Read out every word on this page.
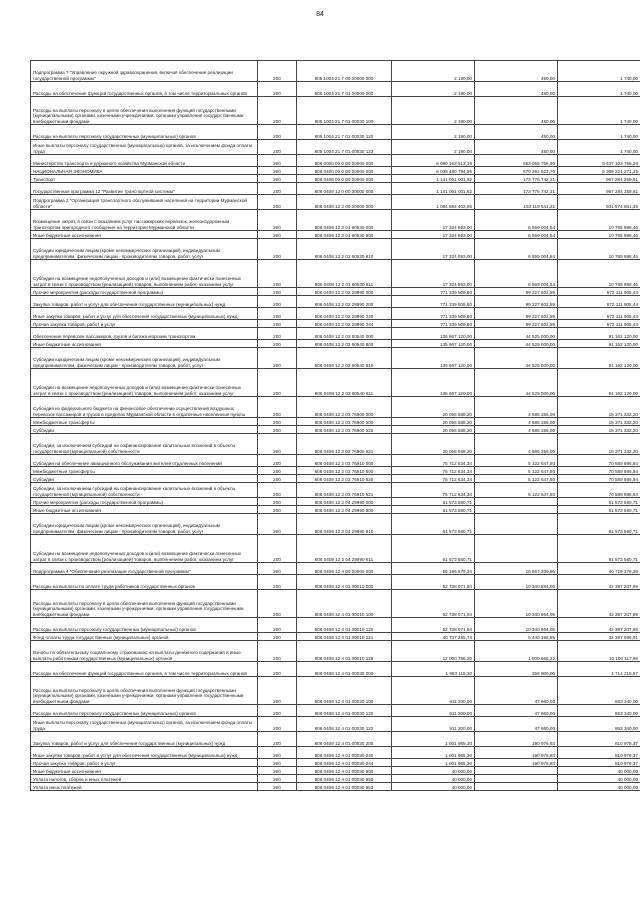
84
Подпрограмма 7 "Управление окружной здравоохранения, включая обеспечение реализации государственной программы"	200	805 1004 21 7 00 00000 000	2 190,00	450,00	1 740,00
Расходы на обеспечение функций государственных органов, в том числе территориальных органов	200	805 1004 21 7 01 00000 000	2 190,00	450,00	1 740,00
Расходы на выплаты персоналу в целях обеспечения выполнения функций государственными (муниципальными) органами, казенными учреждениями, органами управления государственными внебюджетными фондами	200	805 1004 21 7 01 00030 100	2 190,00	450,00	1 740,00
Расходы на выплаты персоналу государственных (муниципальных) органов	200	805 1004 21 7 01 00030 120	2 190,00	450,00	1 740,00
Иные выплаты персоналу государственных (муниципальных) органов, за исключением фонда оплаты труда	200	805 1004 21 7 01 00030 123	2 190,00	450,00	1 740,00
Министерство транспорта и дорожного хозяйства Мурманской области	200	806 0000 00 0 00 00000 000	6 090 163 513,16	653 059 756,90	5 437 103 756,26
НАЦИОНАЛЬНАЯ ЭКОНОМИКА	200	806 0400 00 0 00 00000 000	6 038 480 794,95	670 262 523,70	5 368 221 271,25
Транспорт	200	806 0408 00 0 00 00000 000	1 141 061 001,82	173 776 742,21	967 284 259,61
Государственная программа 12 "Развитие транспортной системы"	200	806 0408 12 0 00 00000 000	1 141 061 001,82	173 776 742,21	967 284 259,61
Подпрограмма 2 "Организация транспортного обслуживания населения на территории Мурманской области"	200	806 0408 12 2 00 00000 000	1 084 884 402,56	153 119 541,21	931 574 861,35
Возмещение затрат, в связи с оказанием услуг пассажирских перевозок, железнодорожным транспортом пригородного сообщения на территории Мурманской области	200	806 0408 12 2 01 60530 000	17 324 993,00	6 559 004,54	10 765 988,46
Иные бюджетные ассигнования	200	806 0408 12 2 01 60530 800	17 324 993,00	6 559 004,54	10 765 988,46
Субсидии юридическим лицам (кроме некоммерческих организаций), индивидуальным предпринимателям, физическим лицам - производителям товаров, работ, услуг	200	806 0408 12 2 01 60530 810	17 324 993,00	6 559 004,54	10 765 988,46
Субсидии на возмещение недополученных доходов и (или) возмещение фактически понесенных затрат в связи с производством (реализацией) товаров, выполнением работ, оказанием услуг	200	806 0408 12 2 01 60530 811	17 324 993,00	6 559 004,54	10 765 988,46
Прочие мероприятия (расходы государственной программы)	200	806 0408 12 2 02 29990 000	771 339 509,80	99 227 602,59	672 111 905,44
Закупка товаров, работ и услуг для обеспечения государственных (муниципальных) нужд	200	806 0408 12 2 02 29990 200	771 339 509,80	99 227 602,59	672 111 905,44
Иные закупки товаров, работ и услуг для обеспечения государственных (муниципальных) нужд	200	806 0408 12 2 02 29990 240	771 339 509,80	99 227 602,59	672 111 905,44
Прочая закупка товаров, работ и услуг	200	806 0408 12 2 02 29990 244	771 339 509,80	99 227 602,59	672 111 905,44
Обеспечение перевозок пассажиров, грузов и багажа морским транспортом	200	806 0408 12 2 03 60540 000	135 667 120,00	44 525 000,00	91 162 120,00
Иные бюджетные ассигнования	200	806 0408 12 2 03 60540 800	135 667 120,00	44 525 000,00	91 162 120,00
Субсидии юридическим лицам (кроме некоммерческих организаций), индивидуальным предпринимателям, физическим лицам - производителям товаров, работ, услуг	200	806 0408 12 2 03 60540 810	135 667 120,00	44 525 000,00	91 162 120,00
Субсидии на возмещение недополученных доходов и (или) возмещение фактически понесенных затрат в связи с производством (реализацией) товаров, выполнением работ, оказанием услуг	200	806 0408 12 2 03 60540 811	135 667 120,00	44 525 000,00	91 162 120,00
Субсидия из федерального бюджета на финансовое обеспечение осуществления воздушных перевозок пассажиров и грузов в пределах Мурманской области в отдаленные населенные пункты	200	806 0408 12 2 03 76900 000	20 056 588,20	4 685 256,00	15 371 332,20
Межбюджетные трансферты	200	806 0408 12 2 03 76900 500	20 056 588,20	4 685 256,00	15 371 332,20
Субсидии	200	806 0408 12 2 03 76900 520	20 056 588,20	4 685 256,00	15 371 332,20
Субсидии, за исключением субсидий на софинансирование капитальных вложений в объекты государственной (муниципальной) собственности	200	806 0408 12 2 03 76900 521	20 056 588,20	4 685 256,00	15 371 332,20
Субсидии на обеспечение авиационного обслуживания жителей отдаленных поселений	200	806 0408 12 2 03 76910 000	75 712 634,34	5 122 647,50	70 589 986,84
Межбюджетные трансферты	200	806 0408 12 2 03 76910 500	75 712 634,34	5 122 647,50	70 589 986,84
Субсидии	200	806 0408 12 2 03 76910 520	75 712 634,34	5 122 647,50	70 589 986,84
Субсидии, за исключением субсидий на софинансирование капитальных вложений в объекты государственной (муниципальной) собственности	200	806 0408 12 2 03 76910 521	75 712 634,34	5 122 647,50	70 589 986,84
Прочие мероприятия (расходы государственной программы)	200	806 0408 12 2 04 29990 000	61 573 580,71		61 573 580,71
Иные бюджетные ассигнования	200	806 0408 12 2 04 29990 800	61 573 580,71		61 573 580,71
Субсидии юридическим лицам (кроме некоммерческих организаций), индивидуальным предпринимателям, физическим лицам - производителям товаров, работ, услуг	200	806 0408 12 2 04 29990 810	61 573 580,71		61 573 580,71
Субсидии на возмещение недополученных доходов и (или) возмещение фактически понесенных затрат в связи с производством (реализацией) товаров, выполнением работ, оказанием услуг	200	806 0408 12 2 04 29990 811	61 573 580,71		61 573 580,71
Подпрограмма 4 "Обеспечение реализации государственной программы"	200	806 0408 12 4 00 00000 000	56 186 579,34	16 657 200,95	40 729 378,39
Расходы на выплаты по оплате труда работников государственных органов	200	806 0408 12 4 01 00010 000	52 738 071,94	10 340 884,05	42 397 207,89
Расходы на выплаты персоналу в целях обеспечения выполнения функций государственными (муниципальными) органами, казенными учреждениями, органами управления государственными внебюджетными фондами	200	806 0408 12 4 01 00010 100	52 738 071,94	10 340 864,05	42 397 207,89
Расходы на выплаты персоналу государственных (муниципальных) органов	200	806 0408 12 4 01 00010 120	52 738 071,94	10 340 864,05	42 397 207,89
Фонд оплаты труда государственных (муниципальных) органов	200	806 0408 12 4 01 00010 121	40 737 285,74	5 440 196,85	32 397 088,91
Взносы по обязательному социальному страхованию на выплаты денежного содержания и иные выплаты работникам государственных (муниципальных) органов	200	806 0408 12 4 01 00010 129	12 000 786,20	1 900 668,22	10 100 117,98
Расходы на обеспечение функций государственных органов, в том числе территориальных органов	200	806 0408 12 4 01 00030 000	1 953 115,30	256 900,00	1 714 215,87
Расходы на выплаты персоналу в целях обеспечения выполнения функций государственными (муниципальными) органами, казенными учреждениями, органами управления государственными внебюджетными фондами	200	806 0408 12 4 01 00030 100	911 200,00	47 860,00	863 340,00
Расходы на выплаты персоналу государственных (муниципальных) органов	200	806 0408 12 4 01 00030 120	911 200,00	47 860,00	863 340,00
Иные выплаты персоналу государственных (муниципальных) органов, за исключением фонда оплаты труда	200	806 0408 12 4 01 00030 122	911 200,00	47 860,00	863 340,00
Закупка товаров, работ и услуг для обеспечения государственных (муниципальных) нужд	200	806 0408 12 4 01 00030 200	1 001 965,30	190 976,93	810 978,37
Иные закупки товаров, работ и услуг для обеспечения государственных (муниципальных) нужд	200	806 0408 12 4 01 00030 240	1 001 965,30	190 976,93	810 978,37
Прочая закупка товаров, работ и услуг	200	806 0408 12 4 01 00030 244	1 001 965,30	190 976,93	810 978,37
Иные бюджетные ассигнования	200	806 0408 12 4 01 00030 800	40 000,00		40 000,00
Уплата налогов, сборов и иных платежей	200	806 0408 12 4 01 00030 850	40 000,00		40 000,00
Уплата иных платежей	200	806 0408 12 4 01 00030 853	40 000,00		40 000,00
